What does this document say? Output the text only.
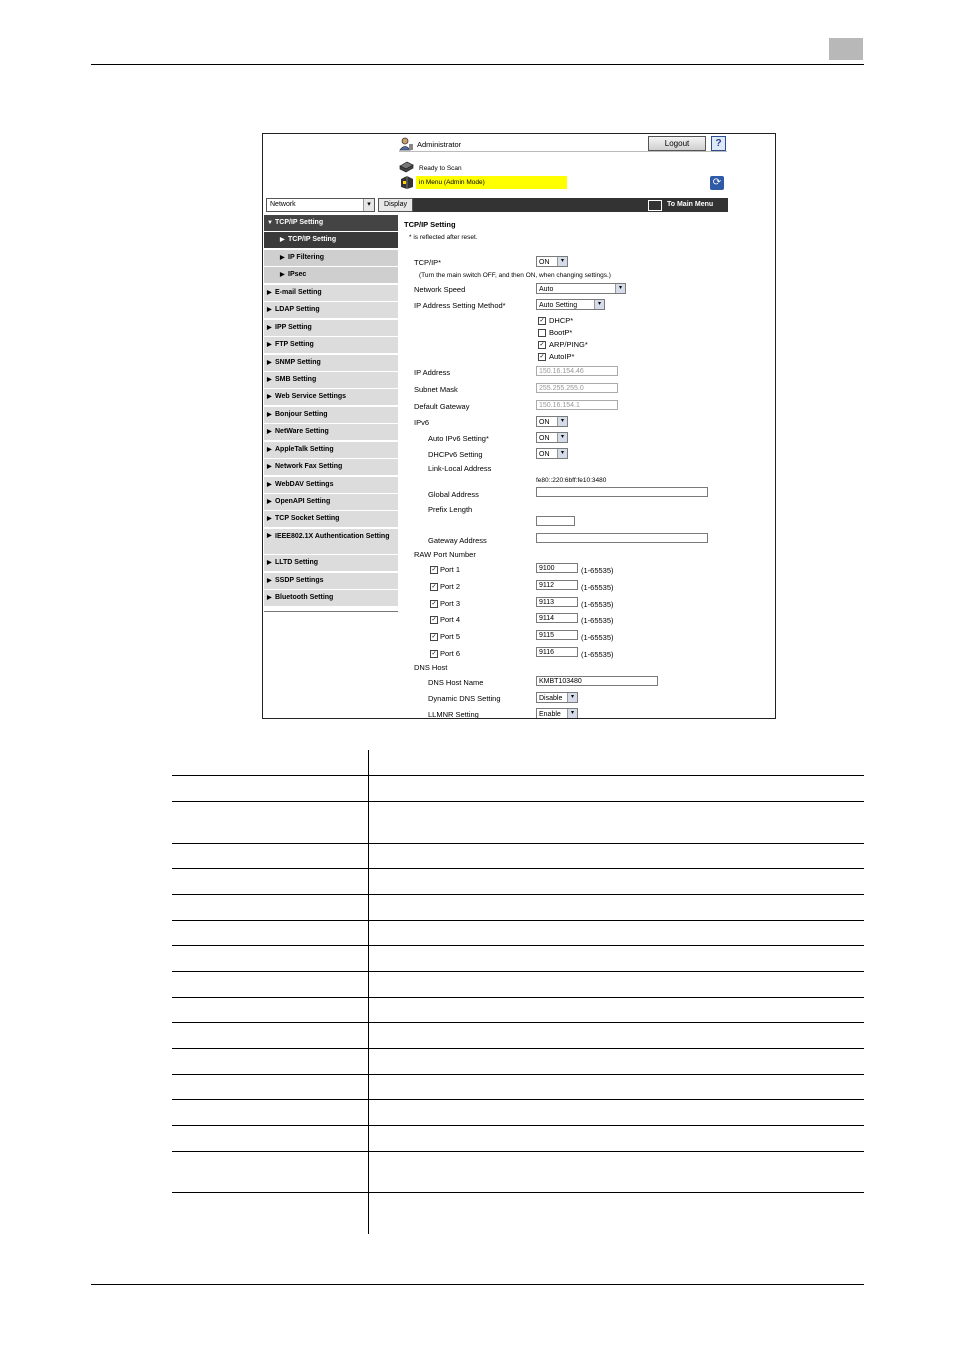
Administrator	Logout	?
Ready to Scan
in Menu (Admin Mode)	⟳
Network	▾	Display	To Main Menu
▼ TCP/IP Setting
▶ TCP/IP Setting
▶ IP Filtering
▶ IPsec
▶ E-mail Setting
▶ LDAP Setting
▶ IPP Setting
▶ FTP Setting
▶ SNMP Setting
▶ SMB Setting
▶ Web Service Settings
▶ Bonjour Setting
▶ NetWare Setting
▶ AppleTalk Setting
▶ Network Fax Setting
▶ WebDAV Settings
▶ OpenAPI Setting
▶ TCP Socket Setting
▶ IEEE802.1X Authentication Setting
▶ LLTD Setting
▶ SSDP Settings
▶ Bluetooth Setting
TCP/IP Setting
* is reflected after reset.
TCP/IP*	ON	▾
(Turn the main switch OFF, and then ON, when changing settings.)
Network Speed	Auto	▾
IP Address Setting Method*	Auto Setting	▾
✓ DHCP*
BootP*
✓ ARP/PING*
✓ AutoIP*
IP Address	150.16.154.46
Subnet Mask	255.255.255.0
Default Gateway	150.16.154.1
IPv6	ON	▾
Auto IPv6 Setting*	ON	▾
DHCPv6 Setting	ON	▾
Link-Local Address
fe80::220:6bff:fe10:3480
Global Address
Prefix Length
Gateway Address
RAW Port Number
✓ Port 1	9100	(1-65535)
✓ Port 2	9112	(1-65535)
✓ Port 3	9113	(1-65535)
✓ Port 4	9114	(1-65535)
✓ Port 5	9115	(1-65535)
✓ Port 6	9116	(1-65535)
DNS Host
DNS Host Name	KMBT103480
Dynamic DNS Setting	Disable	▾
LLMNR Setting	Enable	▾
